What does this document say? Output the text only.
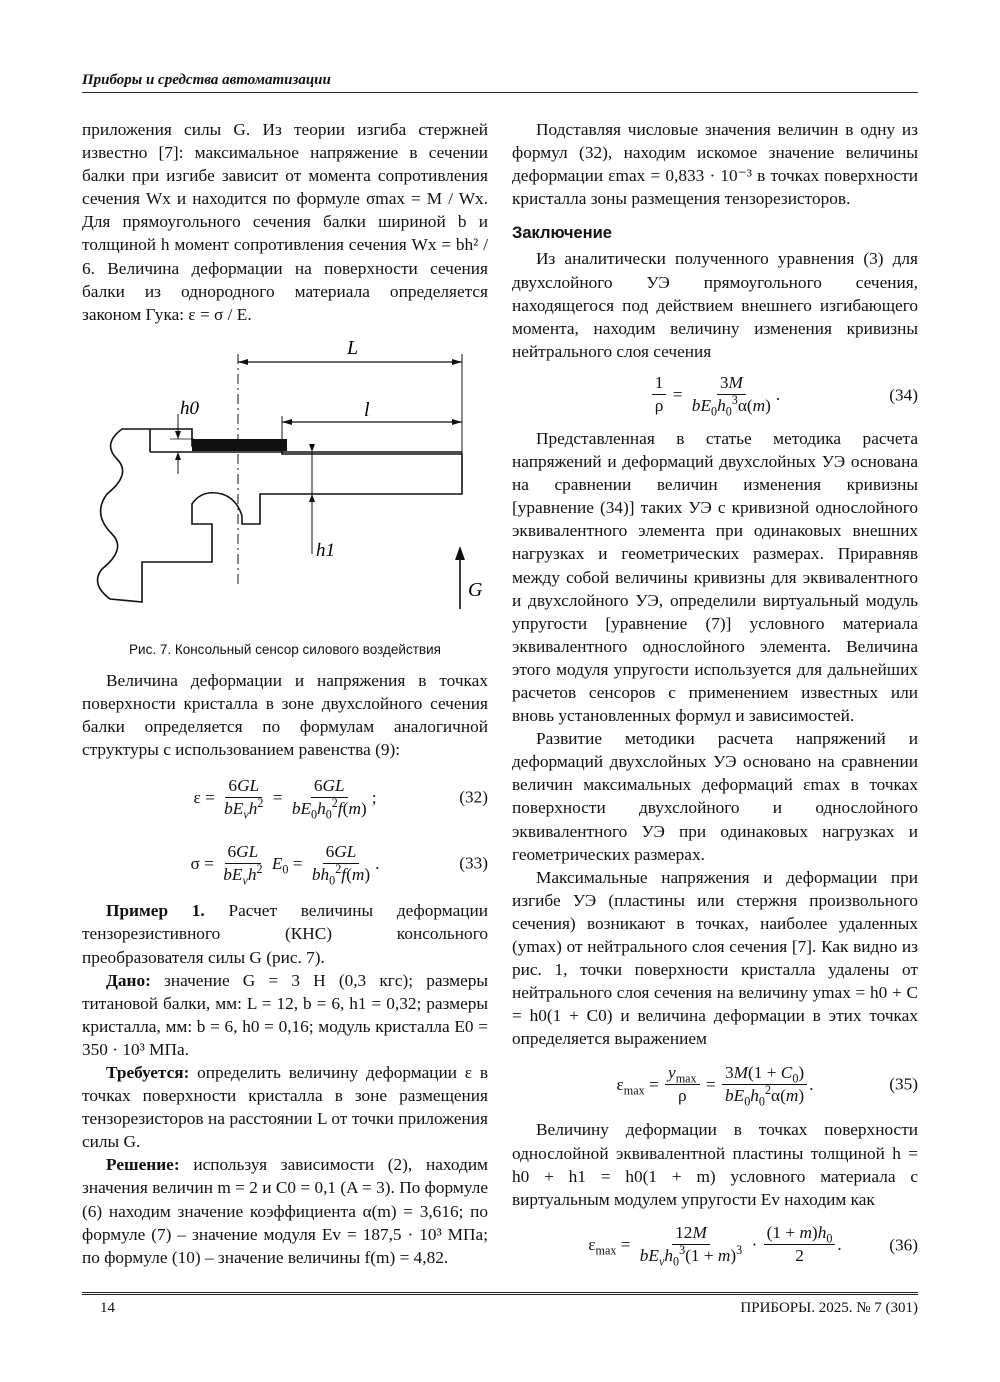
Приборы и средства автоматизации

приложения силы G. Из теории изгиба стержней известно [7]: максимальное напряжение в сечении балки при изгибе зависит от момента сопротивления сечения Wx и находится по формуле σmax = M / Wx. Для прямоугольного сечения балки шириной b и толщиной h момент сопротивления сечения Wx = bh² / 6. Величина деформации на поверхности сечения балки из однородного материала определяется законом Гука: ε = σ / E.

L
l
h0
h1
G
Рис. 7. Консольный сенсор силового воздействия

Величина деформации и напряжения в точках поверхности кристалла в зоне двухслойного сечения балки определяется по формулам аналогичной структуры с использованием равенства (9):

$\varepsilon = \frac{6GL}{bE_vh^2} = \frac{6GL}{bE_0h_0^2f(m)}$ ;	(32)
$\sigma = \frac{6GL}{bE_vh^2} E_0 = \frac{6GL}{bh_0^2f(m)}$ .	(33)

Пример 1. Расчет величины деформации тензорезистивного (КНС) консольного преобразователя силы G (рис. 7).

Дано: значение G = 3 Н (0,3 кгс); размеры титановой балки, мм: L = 12, b = 6, h1 = 0,32; размеры кристалла, мм: b = 6, h0 = 0,16; модуль кристалла E0 = 350 · 10³ МПа.

Требуется: определить величину деформации ε в точках поверхности кристалла в зоне размещения тензорезисторов на расстоянии L от точки приложения силы G.

Решение: используя зависимости (2), находим значения величин m = 2 и C0 = 0,1 (A = 3). По формуле (6) находим значение коэффициента α(m) = 3,616; по формуле (7) – значение модуля Ev = 187,5 · 10³ МПа; по формуле (10) – значение величины f(m) = 4,82.

Подставляя числовые значения величин в одну из формул (32), находим искомое значение величины деформации εmax = 0,833 · 10⁻³ в точках поверхности кристалла зоны размещения тензорезисторов.

Заключение

Из аналитически полученного уравнения (3) для двухслойного УЭ прямоугольного сечения, находящегося под действием внешнего изгибающего момента, находим величину изменения кривизны нейтрального слоя сечения

$\frac{1}{\rho} = \frac{3M}{bE_0h_0^3\alpha(m)}$ .	(34)

Представленная в статье методика расчета напряжений и деформаций двухслойных УЭ основана на сравнении величин изменения кривизны [уравнение (34)] таких УЭ с кривизной однослойного эквивалентного элемента при одинаковых внешних нагрузках и геометрических размерах. Приравняв между собой величины кривизны для эквивалентного и двухслойного УЭ, определили виртуальный модуль упругости [уравнение (7)] условного материала эквивалентного однослойного элемента. Величина этого модуля упругости используется для дальнейших расчетов сенсоров с применением известных или вновь установленных формул и зависимостей.

Развитие методики расчета напряжений и деформаций двухслойных УЭ основано на сравнении величин максимальных деформаций εmax в точках поверхности двухслойного и однослойного эквивалентного УЭ при одинаковых нагрузках и геометрических размерах.

Максимальные напряжения и деформации при изгибе УЭ (пластины или стержня произвольного сечения) возникают в точках, наиболее удаленных (ymax) от нейтрального слоя сечения [7]. Как видно из рис. 1, точки поверхности кристалла удалены от нейтрального слоя сечения на величину ymax = h0 + C = h0(1 + C0) и величина деформации в этих точках определяется выражением

$\varepsilon_{max} = \frac{y_{max}}{\rho} = \frac{3M(1 + C_0)}{bE_0h_0^2\alpha(m)}$ .	(35)

Величину деформации в точках поверхности однослойной эквивалентной пластины толщиной h = h0 + h1 = h0(1 + m) условного материала с виртуальным модулем упругости Ev находим как

$\varepsilon_{max} = \frac{12M}{bE_vh_0^3(1 + m)^3} \cdot \frac{(1 + m)h_0}{2}$ .	(36)
14	ПРИБОРЫ. 2025. № 7 (301)
